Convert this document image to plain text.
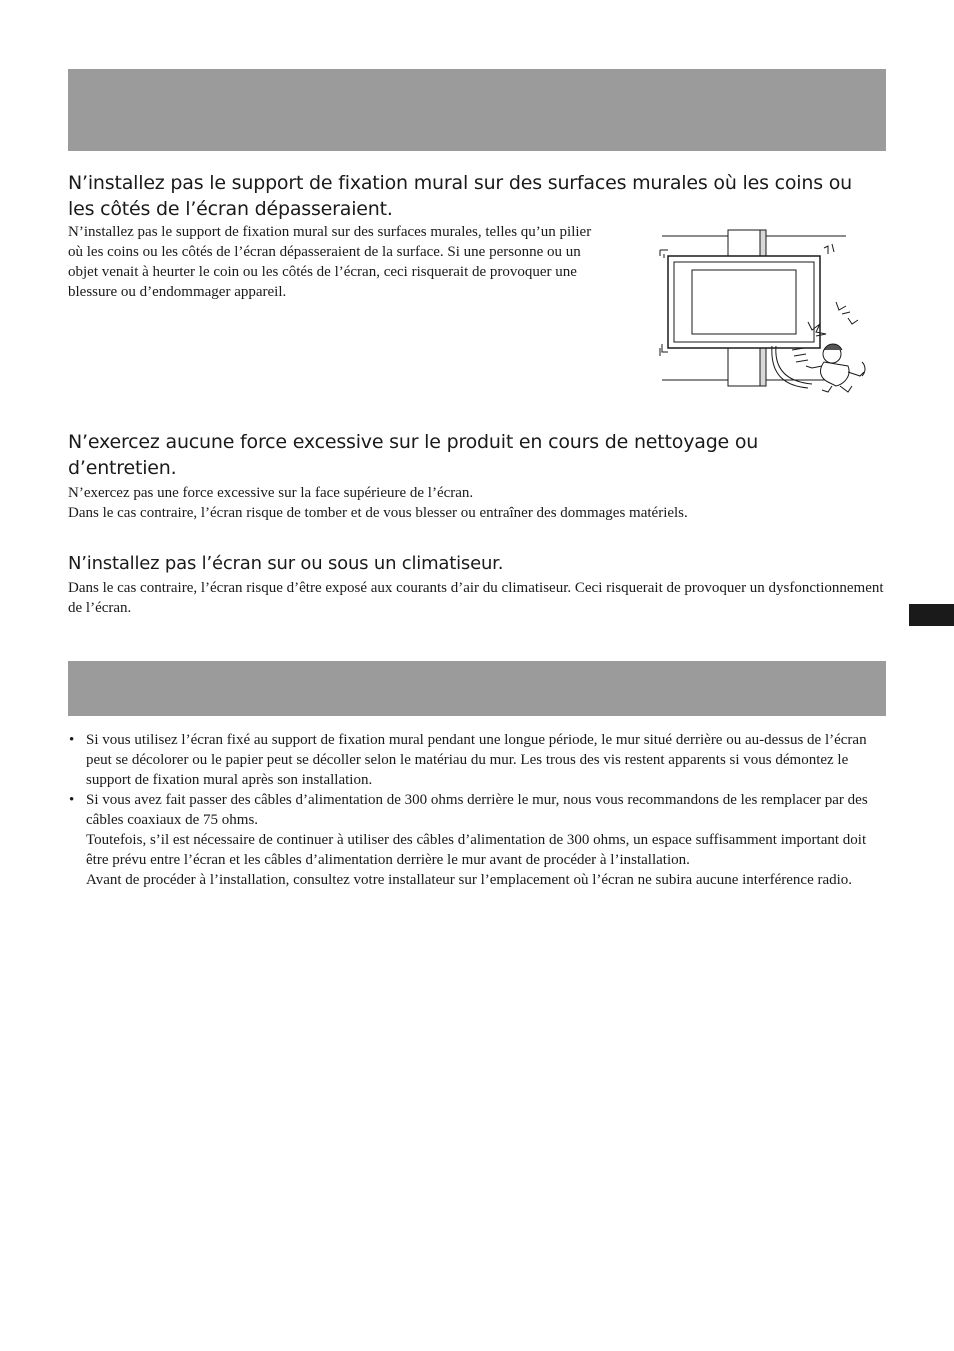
N’installez pas le support de fixation mural sur des surfaces murales où les coins ou les côtés de l’écran dépasseraient.

N’installez pas le support de fixation mural sur des surfaces murales, telles qu’un pilier où les coins ou les côtés de l’écran dépasseraient de la surface. Si une personne ou un objet venait à heurter le coin ou les côtés de l’écran, ceci risquerait de provoquer une blessure ou d’endommager appareil.

N’exercez aucune force excessive sur le produit en cours de nettoyage ou d’entretien.

N’exercez pas une force excessive sur la face supérieure de l’écran.

Dans le cas contraire, l’écran risque de tomber et de vous blesser ou entraîner des dommages matériels.

N’installez pas l’écran sur ou sous un climatiseur.

Dans le cas contraire, l’écran risque d’être exposé aux courants d’air du climatiseur. Ceci risquerait de provoquer un dysfonctionnement de l’écran.

• Si vous utilisez l’écran fixé au support de fixation mural pendant une longue période, le mur situé derrière ou au-dessus de l’écran peut se décolorer ou le papier peut se décoller selon le matériau du mur. Les trous des vis restent apparents si vous démontez le support de fixation mural après son installation.

• Si vous avez fait passer des câbles d’alimentation de 300 ohms derrière le mur, nous vous recommandons de les remplacer par des câbles coaxiaux de 75 ohms.

Toutefois, s’il est nécessaire de continuer à utiliser des câbles d’alimentation de 300 ohms, un espace suffisamment important doit être prévu entre l’écran et les câbles d’alimentation derrière le mur avant de procéder à l’installation.

Avant de procéder à l’installation, consultez votre installateur sur l’emplacement où l’écran ne subira aucune interférence radio.
